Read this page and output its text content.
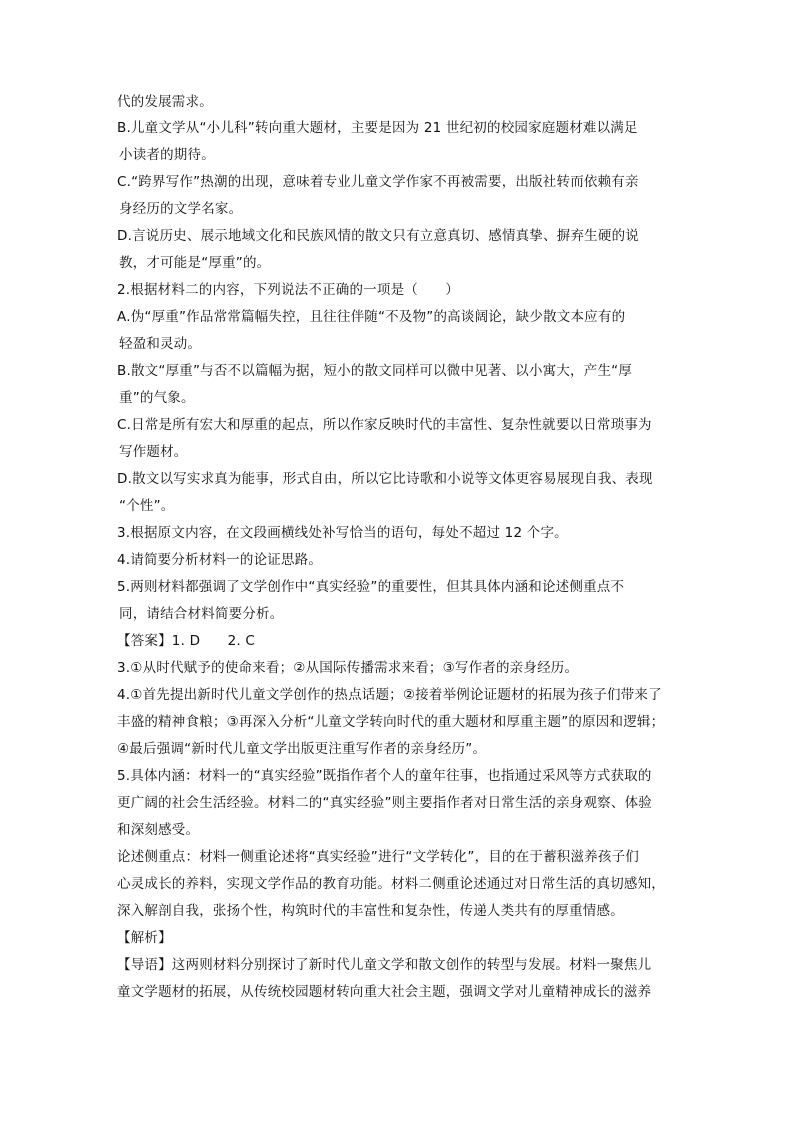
代的发展需求。
B.儿童文学从“小儿科”转向重大题材，主要是因为 21 世纪初的校园家庭题材难以满足
小读者的期待。
C.“跨界写作”热潮的出现，意味着专业儿童文学作家不再被需要，出版社转而依赖有亲
身经历的文学名家。
D.言说历史、展示地域文化和民族风情的散文只有立意真切、感情真挚、摒弃生硬的说
教，才可能是“厚重”的。
2.根据材料二的内容，下列说法不正确的一项是（　　）
A.伪“厚重”作品常常篇幅失控，且往往伴随“不及物”的高谈阔论，缺少散文本应有的
轻盈和灵动。
B.散文“厚重”与否不以篇幅为据，短小的散文同样可以微中见著、以小寓大，产生“厚
重”的气象。
C.日常是所有宏大和厚重的起点，所以作家反映时代的丰富性、复杂性就要以日常琐事为
写作题材。
D.散文以写实求真为能事，形式自由，所以它比诗歌和小说等文体更容易展现自我、表现
“个性”。
3.根据原文内容，在文段画横线处补写恰当的语句，每处不超过 12 个字。
4.请简要分析材料一的论证思路。
5.两则材料都强调了文学创作中“真实经验”的重要性，但其具体内涵和论述侧重点不
同，请结合材料简要分析。
【答案】1. D　　2. C
3.①从时代赋予的使命来看；②从国际传播需求来看；③写作者的亲身经历。
4.①首先提出新时代儿童文学创作的热点话题；②接着举例论证题材的拓展为孩子们带来了
丰盛的精神食粮；③再深入分析“儿童文学转向时代的重大题材和厚重主题”的原因和逻辑；
④最后强调“新时代儿童文学出版更注重写作者的亲身经历”。
5.具体内涵：材料一的“真实经验”既指作者个人的童年往事，也指通过采风等方式获取的
更广阔的社会生活经验。材料二的“真实经验”则主要指作者对日常生活的亲身观察、体验
和深刻感受。
论述侧重点：材料一侧重论述将“真实经验”进行“文学转化”，目的在于蓄积滋养孩子们
心灵成长的养料，实现文学作品的教育功能。材料二侧重论述通过对日常生活的真切感知，
深入解剖自我，张扬个性，构筑时代的丰富性和复杂性，传递人类共有的厚重情感。
【解析】
【导语】这两则材料分别探讨了新时代儿童文学和散文创作的转型与发展。材料一聚焦儿
童文学题材的拓展，从传统校园题材转向重大社会主题，强调文学对儿童精神成长的滋养
